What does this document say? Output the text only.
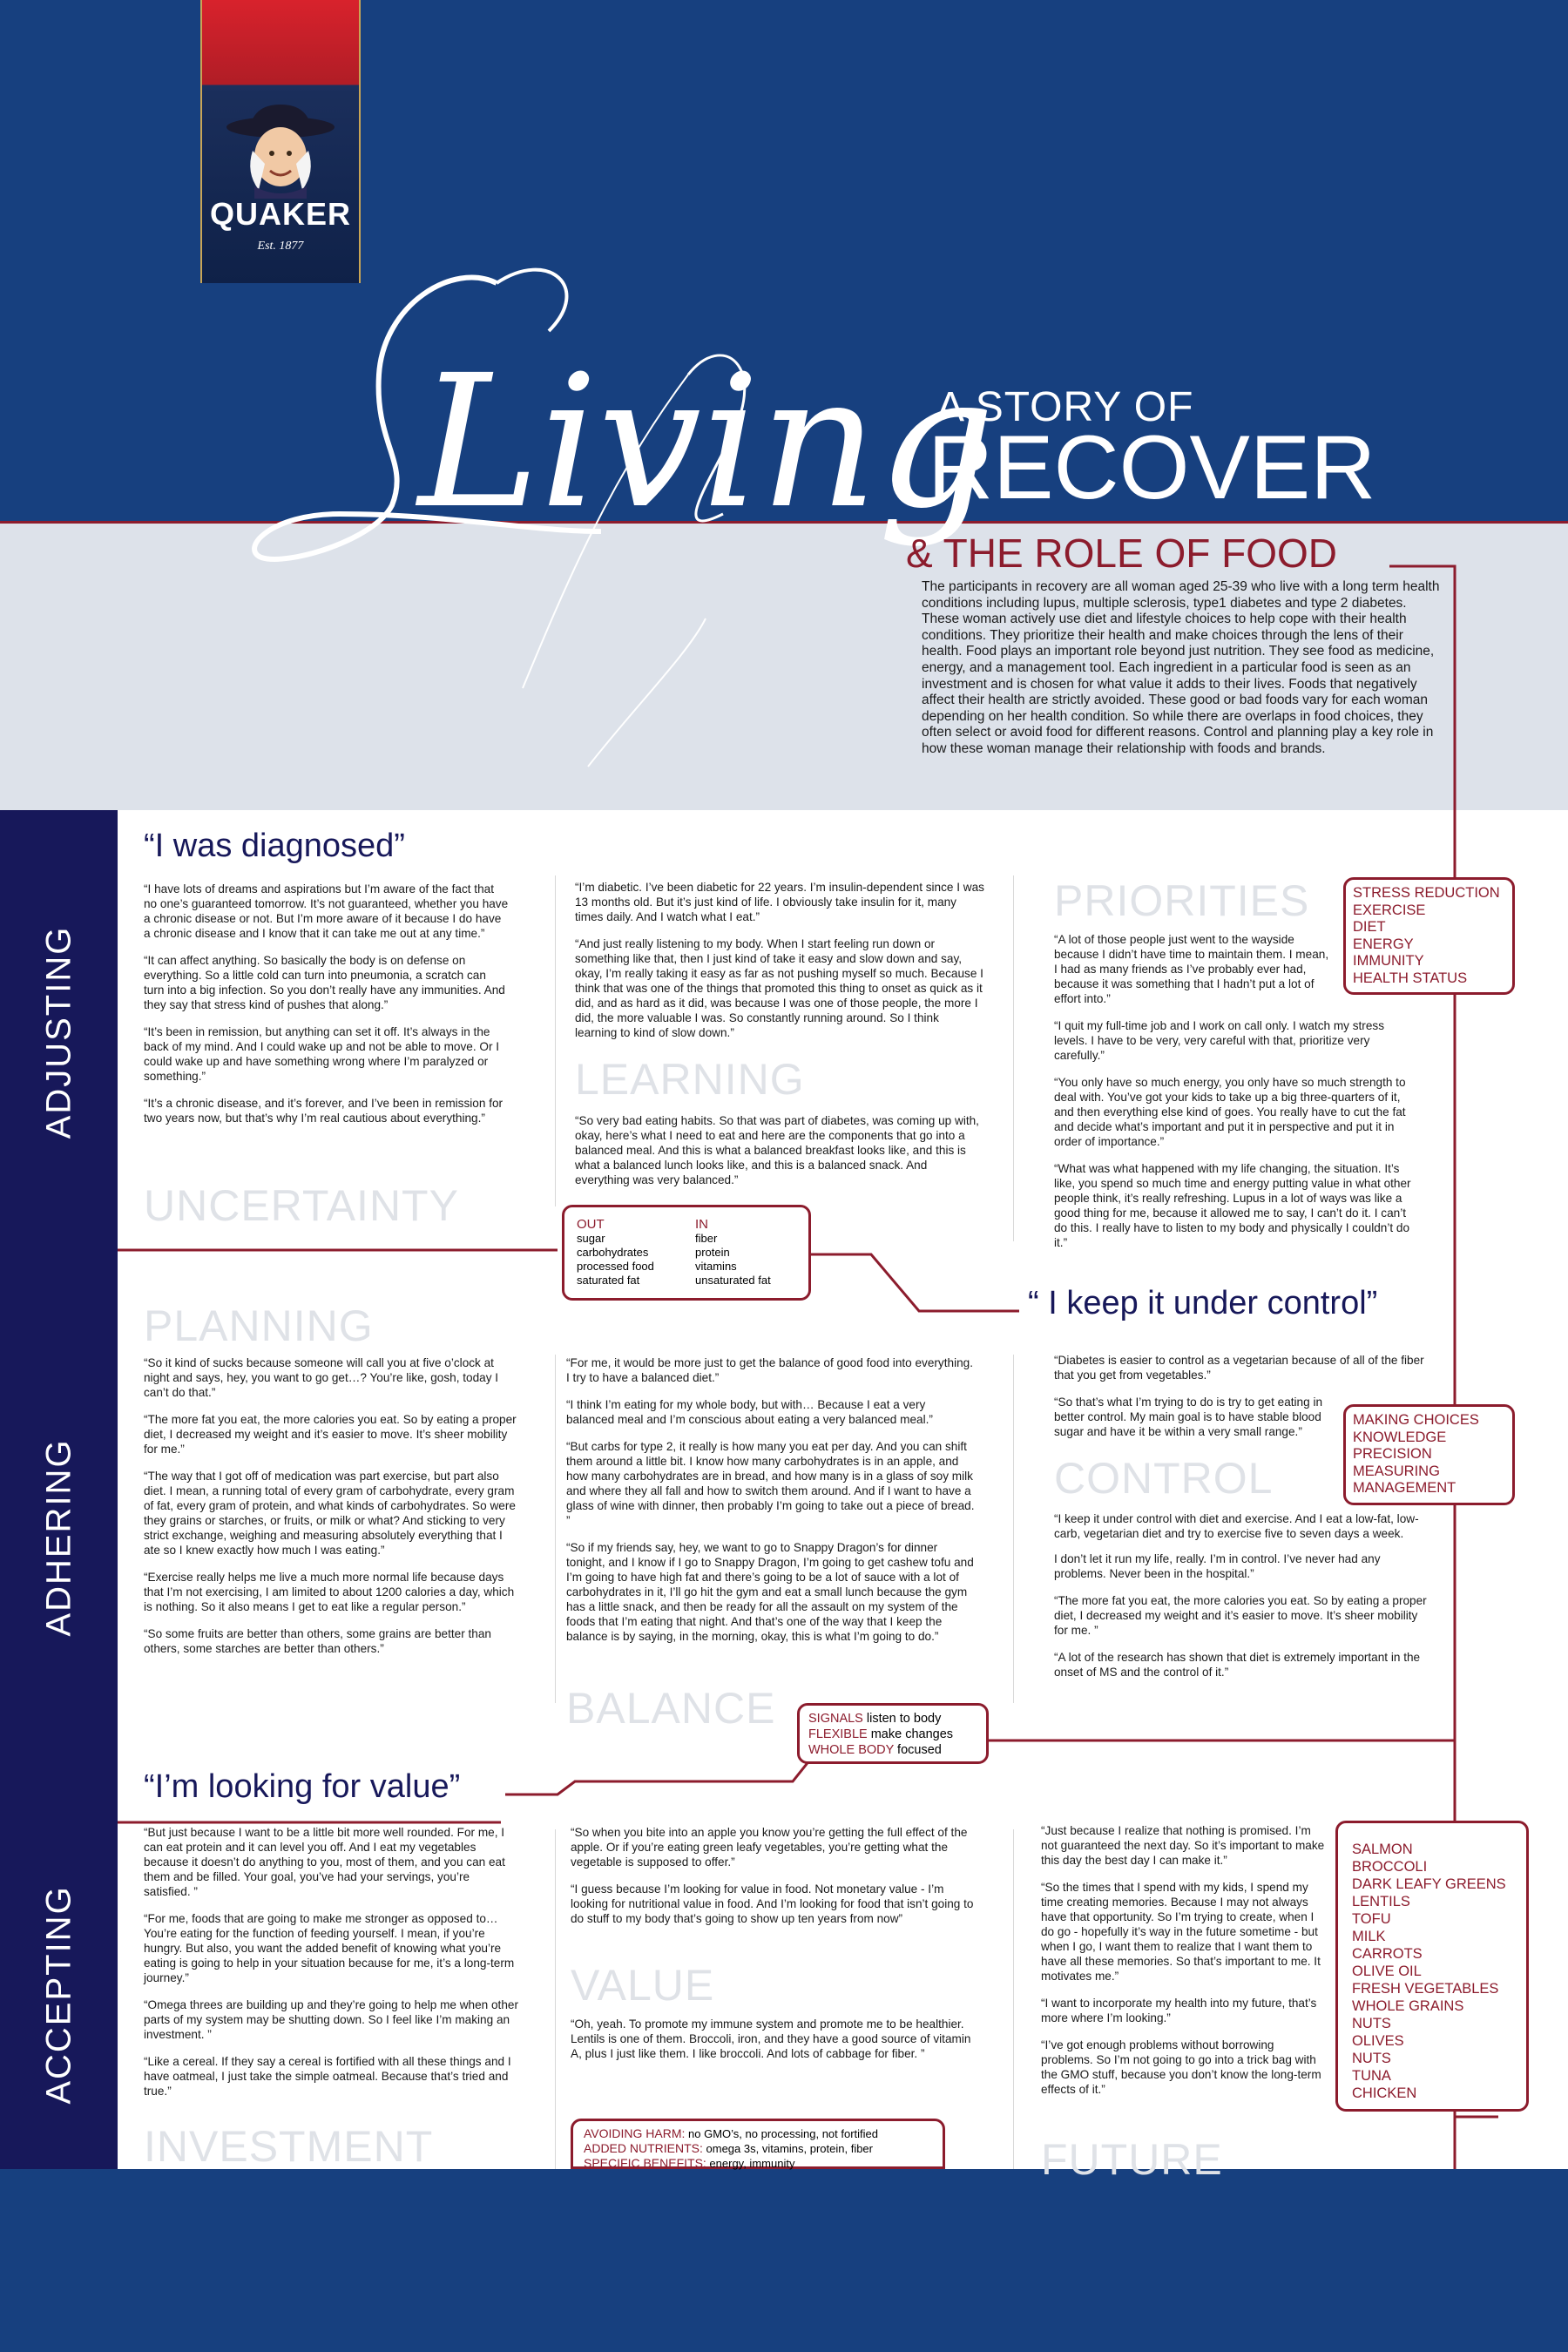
QUAKER
Est. 1877
Living
A STORY OF
RECOVER
& THE ROLE OF FOOD
The participants in recovery are all woman aged 25-39 who live with a long term health conditions including lupus, multiple sclerosis, type1 diabetes and type 2 diabetes. These woman actively use diet and lifestyle choices to help cope with their health conditions. They prioritize their health and make choices through the lens of their health. Food plays an important role beyond just nutrition. They see food as medicine, energy, and a management tool. Each ingredient in a particular food is seen as an investment and is chosen for what value it adds to their lives. Foods that negatively affect their health are strictly avoided. These good or bad foods vary for each woman depending on her health condition. So while there are overlaps in food choices, they often select or avoid food for different reasons. Control and planning play a key role in how these woman manage their relationship with foods and brands.
ADJUSTING
ADHERING
ACCEPTING
“I was diagnosed”

“I have lots of dreams and aspirations but I’m aware of the fact that no one’s guaranteed tomorrow. It’s not guaranteed, whether you have a chronic disease or not. But I’m more aware of it because I do have a chronic disease and I know that it can take me out at any time.”

“It can affect anything. So basically the body is on defense on everything. So a little cold can turn into pneumonia, a scratch can turn into a big infection. So you don’t really have any immunities. And they say that stress kind of pushes that along.”

“It’s been in remission, but anything can set it off. It’s always in the back of my mind. And I could wake up and not be able to move. Or I could wake up and have something wrong where I’m paralyzed or something.”

“It’s a chronic disease, and it’s forever, and I’ve been in remission for two years now, but that’s why I’m real cautious about everything.”

UNCERTAINTY

“I’m diabetic. I’ve been diabetic for 22 years. I’m insulin-dependent since I was 13 months old. But it’s just kind of life. I obviously take insulin for it, many times daily. And I watch what I eat.”

“And just really listening to my body. When I start feeling run down or something like that, then I just kind of take it easy and slow down and say, okay, I’m really taking it easy as far as not pushing myself so much. Because I think that was one of the things that promoted this thing to onset as quick as it did, and as hard as it did, was because I was one of those people, the more I did, the more valuable I was. So constantly running around. So I think learning to kind of slow down.”

LEARNING

“So very bad eating habits. So that was part of diabetes, was coming up with, okay, here’s what I need to eat and here are the components that go into a balanced meal. And this is what a balanced breakfast looks like, and this is what a balanced lunch looks like, and this is a balanced snack. And everything was very balanced.”

PRIORITIES

“A lot of those people just went to the wayside because I didn’t have time to maintain them. I mean, I had as many friends as I’ve probably ever had, because it was something that I hadn’t put a lot of effort into.”

“I quit my full-time job and I work on call only. I watch my stress levels. I have to be very, very careful with that, prioritize very carefully.”

“You only have so much energy, you only have so much strength to deal with. You’ve got your kids to take up a big three-quarters of it, and then everything else kind of goes. You really have to cut the fat and decide what’s important and put it in perspective and put it in order of importance.”

“What was what happened with my life changing, the situation. It’s like, you spend so much time and energy putting value in what other people think, it’s really refreshing. Lupus in a lot of ways was like a good thing for me, because it allowed me to say, I can’t do it. I can’t do this. I really have to listen to my body and physically I couldn’t do it.”

STRESS REDUCTION
EXERCISE
DIET
ENERGY
IMMUNITY
HEALTH STATUS
OUT
sugar
carbohydrates
processed food
saturated fat
IN
fiber
protein
vitamins
unsaturated fat
“ I keep it under control”
PLANNING

“So it kind of sucks because someone will call you at five o’clock at night and says, hey, you want to go get…? You’re like, gosh, today I can’t do that.”

“The more fat you eat, the more calories you eat. So by eating a proper diet, I decreased my weight and it’s easier to move. It’s sheer mobility for me.”

“The way that I got off of medication was part exercise, but part also diet. I mean, a running total of every gram of carbohydrate, every gram of fat, every gram of protein, and what kinds of carbohydrates. So were they grains or starches, or fruits, or milk or what? And sticking to very strict exchange, weighing and measuring absolutely everything that I ate so I knew exactly how much I was eating.”

“Exercise really helps me live a much more normal life because days that I’m not exercising, I am limited to about 1200 calories a day, which is nothing. So it also means I get to eat like a regular person.”

“So some fruits are better than others, some grains are better than others, some starches are better than others.”

“For me, it would be more just to get the balance of good food into everything. I try to have a balanced diet.”

“I think I’m eating for my whole body, but with… Because I eat a very balanced meal and I’m conscious about eating a very balanced meal.”

“But carbs for type 2, it really is how many you eat per day. And you can shift them around a little bit. I know how many carbohydrates is in an apple, and how many carbohydrates are in bread, and how many is in a glass of soy milk and where they all fall and how to switch them around. And if I want to have a glass of wine with dinner, then probably I’m going to take out a piece of bread. ”

“So if my friends say, hey, we want to go to Snappy Dragon’s for dinner tonight, and I know if I go to Snappy Dragon, I’m going to get cashew tofu and I’m going to have high fat and there’s going to be a lot of sauce with a lot of carbohydrates in it, I’ll go hit the gym and eat a small lunch because the gym has a little snack, and then be ready for all the assault on my system of the foods that I’m eating that night. And that’s one of the way that I keep the balance is by saying, in the morning, okay, this is what I’m going to do.”

BALANCE

“Diabetes is easier to control as a vegetarian because of all of the fiber that you get from vegetables.”

“So that’s what I’m trying to do is try to get eating in better control. My main goal is to have stable blood sugar and have it be within a very small range.”

CONTROL

“I keep it under control with diet and exercise. And I eat a low-fat, low-carb, vegetarian diet and try to exercise five to seven days a week.

I don’t let it run my life, really. I’m in control. I’ve never had any problems. Never been in the hospital.”

“The more fat you eat, the more calories you eat. So by eating a proper diet, I decreased my weight and it’s easier to move. It’s sheer mobility for me. ”

“A lot of the research has shown that diet is extremely important in the onset of MS and the control of it.”

MAKING CHOICES
KNOWLEDGE
PRECISION
MEASURING
MANAGEMENT
SIGNALS listen to body
FLEXIBLE make changes
WHOLE BODY focused
“I’m looking for value”

“But just because I want to be a little bit more well rounded. For me, I can eat protein and it can level you off. And I eat my vegetables because it doesn’t do anything to you, most of them, and you can eat them and be filled. Your goal, you’ve had your servings, you’re satisfied. ”

“For me, foods that are going to make me stronger as opposed to… You’re eating for the function of feeding yourself. I mean, if you’re hungry. But also, you want the added benefit of knowing what you’re eating is going to help in your situation because for me, it’s a long-term journey.”

“Omega threes are building up and they’re going to help me when other parts of my system may be shutting down. So I feel like I’m making an investment. ”

“Like a cereal. If they say a cereal is fortified with all these things and I have oatmeal, I just take the simple oatmeal. Because that’s tried and true.”

INVESTMENT

“So when you bite into an apple you know you’re getting the full effect of the apple. Or if you’re eating green leafy vegetables, you’re getting what the vegetable is supposed to offer.”

“I guess because I’m looking for value in food. Not monetary value - I’m looking for nutritional value in food. And I’m looking for food that isn’t going to do stuff to my body that’s going to show up ten years from now”

VALUE

“Oh, yeah. To promote my immune system and promote me to be healthier. Lentils is one of them. Broccoli, iron, and they have a good source of vitamin A, plus I just like them. I like broccoli. And lots of cabbage for fiber. ”

AVOIDING HARM: no GMO’s, no processing, not fortified
ADDED NUTRIENTS: omega 3s, vitamins, protein, fiber
SPECIFIC BENEFITS: energy, immunity

“Just because I realize that nothing is promised. I’m not guaranteed the next day. So it’s important to make this day the best day I can make it.”

“So the times that I spend with my kids, I spend my time creating memories. Because I may not always have that opportunity. So I’m trying to create, when I do go - hopefully it’s way in the future sometime - but when I go, I want them to realize that I want them to have all these memories. So that’s important to me. It motivates me.”

“I want to incorporate my health into my future, that’s more where I’m looking.”

“I’ve got enough problems without borrowing problems. So I’m not going to go into a trick bag with the GMO stuff, because you don’t know the long-term effects of it.”

FUTURE
SALMON
BROCCOLI
DARK LEAFY GREENS
LENTILS
TOFU
MILK
CARROTS
OLIVE OIL
FRESH VEGETABLES
WHOLE GRAINS
NUTS
OLIVES
NUTS
TUNA
CHICKEN
